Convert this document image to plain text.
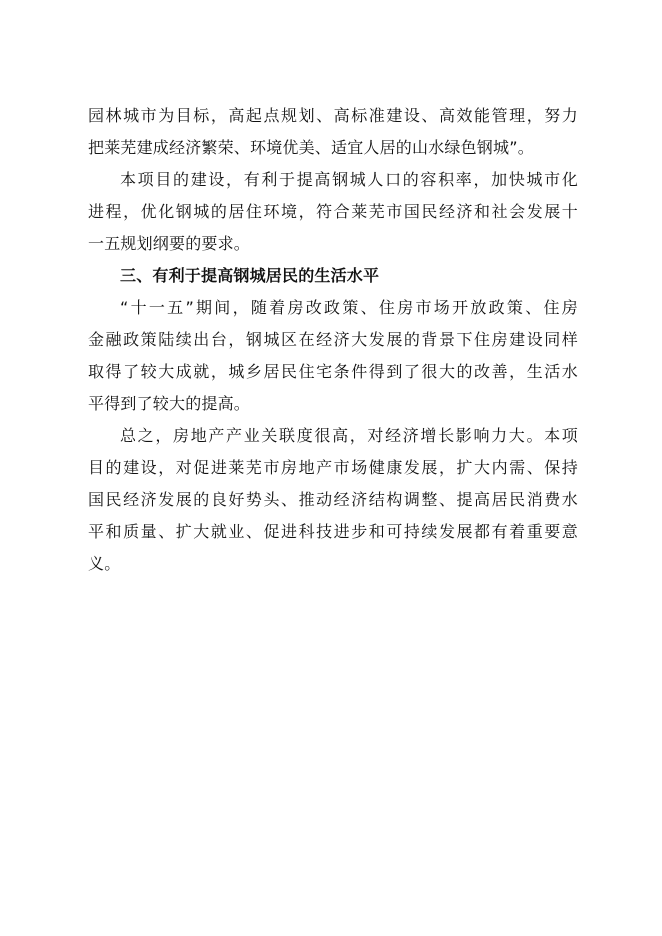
园林城市为目标，高起点规划、高标准建设、高效能管理，努力
把莱芜建成经济繁荣、环境优美、适宜人居的山水绿色钢城”。
本项目的建设，有利于提高钢城人口的容积率，加快城市化
进程，优化钢城的居住环境，符合莱芜市国民经济和社会发展十
一五规划纲要的要求。
三、有利于提高钢城居民的生活水平
“十一五”期间，随着房改政策、住房市场开放政策、住房
金融政策陆续出台，钢城区在经济大发展的背景下住房建设同样
取得了较大成就，城乡居民住宅条件得到了很大的改善，生活水
平得到了较大的提高。
总之，房地产产业关联度很高，对经济增长影响力大。本项
目的建设，对促进莱芜市房地产市场健康发展，扩大内需、保持
国民经济发展的良好势头、推动经济结构调整、提高居民消费水
平和质量、扩大就业、促进科技进步和可持续发展都有着重要意
义。
